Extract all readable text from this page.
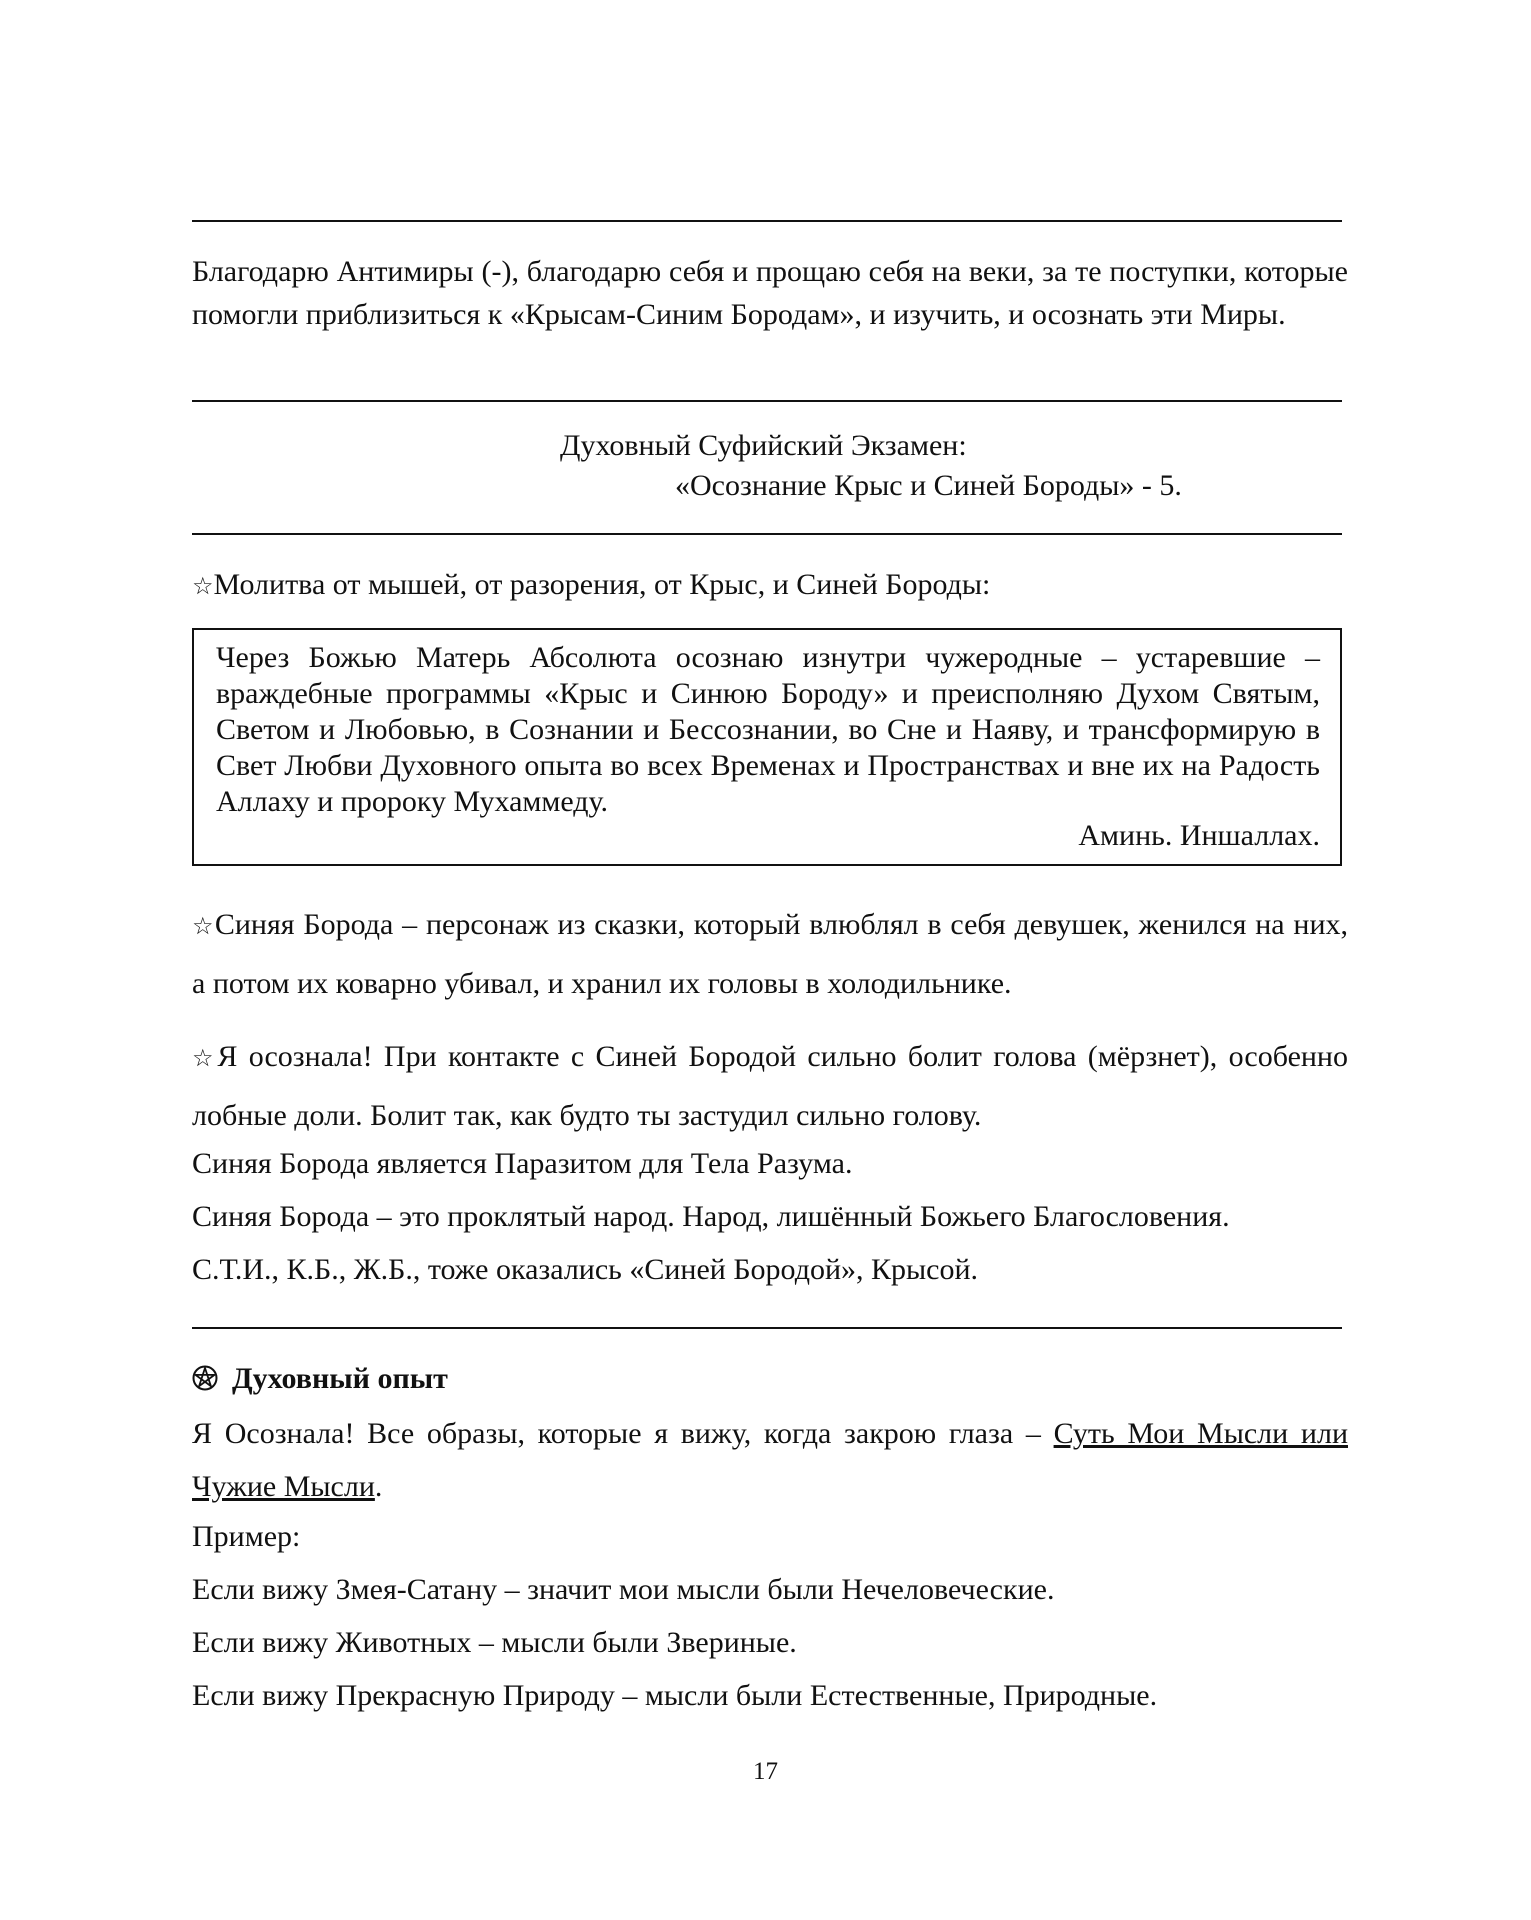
Благодарю Антимиры (-), благодарю себя и прощаю себя на веки, за те поступки, которые помогли приблизиться к «Крысам-Синим Бородам», и изучить, и осознать эти Миры.
Духовный Суфийский Экзамен:
«Осознание Крыс и Синей Бороды» - 5.
☆Молитва от мышей, от разорения, от Крыс, и Синей Бороды:
Через Божью Матерь Абсолюта осознаю изнутри чужеродные – устаревшие – враждебные программы «Крыс и Синюю Бороду» и преисполняю Духом Святым, Светом и Любовью, в Сознании и Бессознании, во Сне и Наяву, и трансформирую в Свет Любви Духовного опыта во всех Временах и Пространствах и вне их на Радость Аллаху и пророку Мухаммеду.
Аминь. Иншаллах.
☆Синяя Борода – персонаж из сказки, который влюблял в себя девушек, женился на них, а потом их коварно убивал, и хранил их головы в холодильнике.
☆Я осознала! При контакте с Синей Бородой сильно болит голова (мёрзнет), особенно лобные доли. Болит так, как будто ты застудил сильно голову.
Синяя Борода является Паразитом для Тела Разума.
Синяя Борода – это проклятый народ. Народ, лишённый Божьего Благословения.
С.Т.И., К.Б., Ж.Б., тоже оказались «Синей Бородой», Крысой.
Духовный опыт
Я Осознала! Все образы, которые я вижу, когда закрою глаза – Суть Мои Мысли или Чужие Мысли.
Пример:
Если вижу Змея-Сатану – значит мои мысли были Нечеловеческие.
Если вижу Животных – мысли были Звериные.
Если вижу Прекрасную Природу – мысли были Естественные, Природные.
17
